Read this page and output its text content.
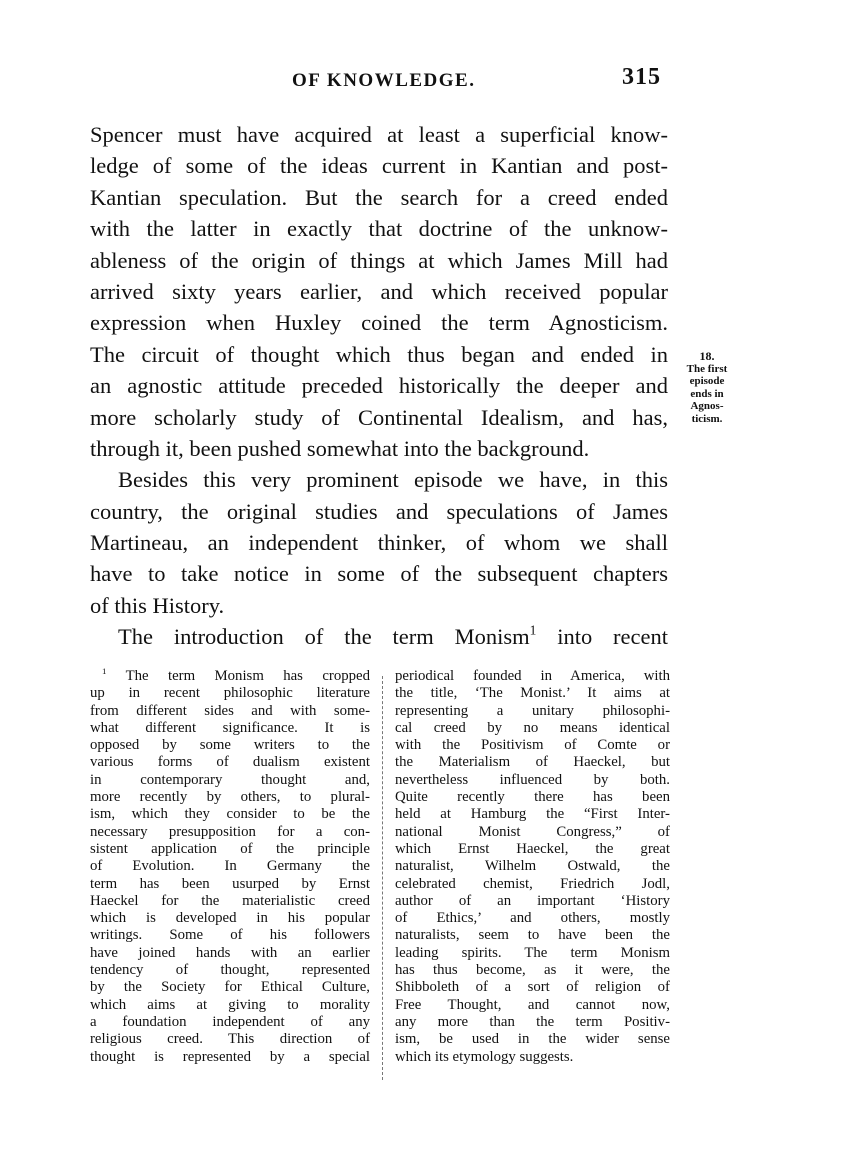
OF KNOWLEDGE.	315
Spencer must have acquired at least a superficial know-
ledge of some of the ideas current in Kantian and post-
Kantian speculation. But the search for a creed ended
with the latter in exactly that doctrine of the unknow-
ableness of the origin of things at which James Mill had
arrived sixty years earlier, and which received popular
expression when Huxley coined the term Agnosticism.
The circuit of thought which thus began and ended in
an agnostic attitude preceded historically the deeper and
more scholarly study of Continental Idealism, and has,
through it, been pushed somewhat into the background.
Besides this very prominent episode we have, in this
country, the original studies and speculations of James
Martineau, an independent thinker, of whom we shall
have to take notice in some of the subsequent chapters
of this History.
The introduction of the term Monism$^1$ into recent
18.
The first
episode
ends in
Agnos-
ticism.
$^1$ The term Monism has cropped
up in recent philosophic literature
from different sides and with some-
what different significance. It is
opposed by some writers to the
various forms of dualism existent
in contemporary thought and,
more recently by others, to plural-
ism, which they consider to be the
necessary presupposition for a con-
sistent application of the principle
of Evolution. In Germany the
term has been usurped by Ernst
Haeckel for the materialistic creed
which is developed in his popular
writings. Some of his followers
have joined hands with an earlier
tendency of thought, represented
by the Society for Ethical Culture,
which aims at giving to morality
a foundation independent of any
religious creed. This direction of
thought is represented by a special
periodical founded in America, with
the title, ‘The Monist.’ It aims at
representing a unitary philosophi-
cal creed by no means identical
with the Positivism of Comte or
the Materialism of Haeckel, but
nevertheless influenced by both.
Quite recently there has been
held at Hamburg the “First Inter-
national Monist Congress,” of
which Ernst Haeckel, the great
naturalist, Wilhelm Ostwald, the
celebrated chemist, Friedrich Jodl,
author of an important ‘History
of Ethics,’ and others, mostly
naturalists, seem to have been the
leading spirits. The term Monism
has thus become, as it were, the
Shibboleth of a sort of religion of
Free Thought, and cannot now,
any more than the term Positiv-
ism, be used in the wider sense
which its etymology suggests.
